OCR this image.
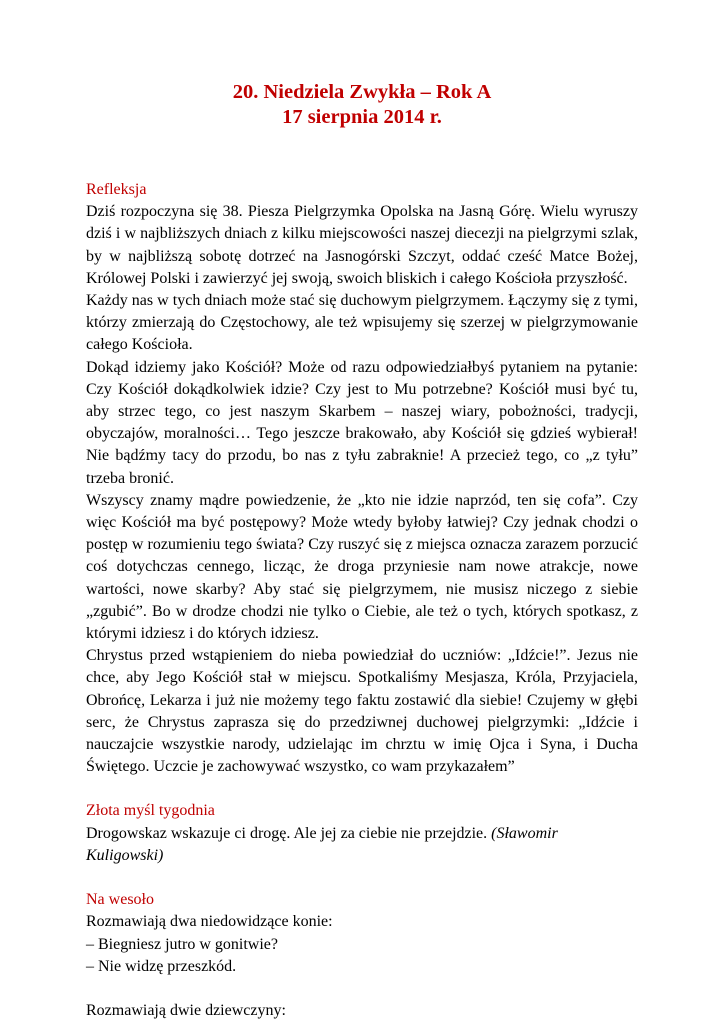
20. Niedziela Zwykła – Rok A

17 sierpnia 2014 r.

Refleksja

Dziś rozpoczyna się 38. Piesza Pielgrzymka Opolska na Jasną Górę. Wielu wyruszy dziś i w najbliższych dniach z kilku miejscowości naszej diecezji na pielgrzymi szlak, by w najbliższą sobotę dotrzeć na Jasnogórski Szczyt, oddać cześć Matce Bożej, Królowej Polski i zawierzyć jej swoją, swoich bliskich i całego Kościoła przyszłość.

Każdy nas w tych dniach może stać się duchowym pielgrzymem. Łączymy się z tymi, którzy zmierzają do Częstochowy, ale też wpisujemy się szerzej w pielgrzymowanie całego Kościoła.

Dokąd idziemy jako Kościół? Może od razu odpowiedziałbyś pytaniem na pytanie: Czy Kościół dokądkolwiek idzie? Czy jest to Mu potrzebne? Kościół musi być tu, aby strzec tego, co jest naszym Skarbem – naszej wiary, pobożności, tradycji, obyczajów, moralności… Tego jeszcze brakowało, aby Kościół się gdzieś wybierał! Nie bądźmy tacy do przodu, bo nas z tyłu zabraknie! A przecież tego, co „z tyłu” trzeba bronić.

Wszyscy znamy mądre powiedzenie, że „kto nie idzie naprzód, ten się cofa”. Czy więc Kościół ma być postępowy? Może wtedy byłoby łatwiej? Czy jednak chodzi o postęp w rozumieniu tego świata? Czy ruszyć się z miejsca oznacza zarazem porzucić coś dotychczas cennego, licząc, że droga przyniesie nam nowe atrakcje, nowe wartości, nowe skarby? Aby stać się pielgrzymem, nie musisz niczego z siebie „zgubić”. Bo w drodze chodzi nie tylko o Ciebie, ale też o tych, których spotkasz, z którymi idziesz i do których idziesz.

Chrystus przed wstąpieniem do nieba powiedział do uczniów: „Idźcie!”. Jezus nie chce, aby Jego Kościół stał w miejscu. Spotkaliśmy Mesjasza, Króla, Przyjaciela, Obrońcę, Lekarza i już nie możemy tego faktu zostawić dla siebie! Czujemy w głębi serc, że Chrystus zaprasza się do przedziwnej duchowej pielgrzymki: „Idźcie i nauczajcie wszystkie narody, udzielając im chrztu w imię Ojca i Syna, i Ducha Świętego. Uczcie je zachowywać wszystko, co wam przykazałem”

Złota myśl tygodnia

Drogowskaz wskazuje ci drogę. Ale jej za ciebie nie przejdzie. (Sławomir Kuligowski)

Na wesoło

Rozmawiają dwa niedowidzące konie:

– Biegniesz jutro w gonitwie?

– Nie widzę przeszkód.

Rozmawiają dwie dziewczyny:
